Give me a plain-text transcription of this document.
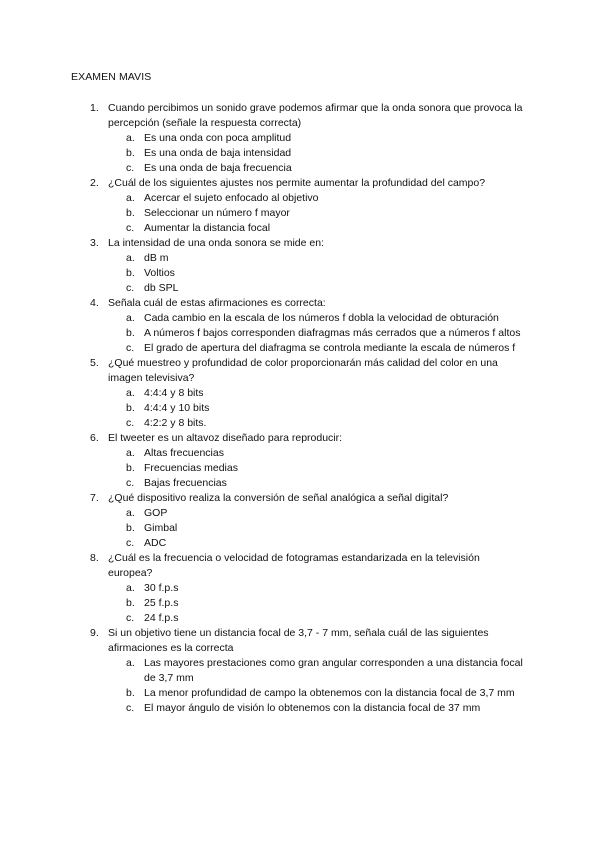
EXAMEN MAVIS
1. Cuando percibimos un sonido grave podemos afirmar que la onda sonora que provoca la percepción (señale la respuesta correcta)
a. Es una onda con poca amplitud
b. Es una onda de baja intensidad
c. Es una onda de baja frecuencia
2. ¿Cuál de los siguientes ajustes nos permite aumentar la profundidad del campo?
a. Acercar el sujeto enfocado al objetivo
b. Seleccionar un número f mayor
c. Aumentar la distancia focal
3. La intensidad de una onda sonora se mide en:
a. dB m
b. Voltios
c. db SPL
4. Señala cuál de estas afirmaciones es correcta:
a. Cada cambio en la escala de los números f dobla la velocidad de obturación
b. A números f bajos corresponden diafragmas más cerrados que a números f altos
c. El grado de apertura del diafragma se controla mediante la escala de números f
5. ¿Qué muestreo y profundidad de color proporcionarán más calidad del color en una imagen televisiva?
a. 4:4:4 y 8 bits
b. 4:4:4 y 10 bits
c. 4:2:2 y 8 bits.
6. El tweeter es un altavoz diseñado para reproducir:
a. Altas frecuencias
b. Frecuencias medias
c. Bajas frecuencias
7. ¿Qué dispositivo realiza la conversión de señal analógica a señal digital?
a. GOP
b. Gimbal
c. ADC
8. ¿Cuál es la frecuencia o velocidad de fotogramas estandarizada en la televisión europea?
a. 30 f.p.s
b. 25 f.p.s
c. 24 f.p.s
9. Si un objetivo tiene un distancia focal de 3,7 - 7 mm, señala cuál de las siguientes afirmaciones es la correcta
a. Las mayores prestaciones como gran angular corresponden a una distancia focal de 3,7 mm
b. La menor profundidad de campo la obtenemos con la distancia focal de 3,7 mm
c. El mayor ángulo de visión lo obtenemos con la distancia focal de 37 mm
